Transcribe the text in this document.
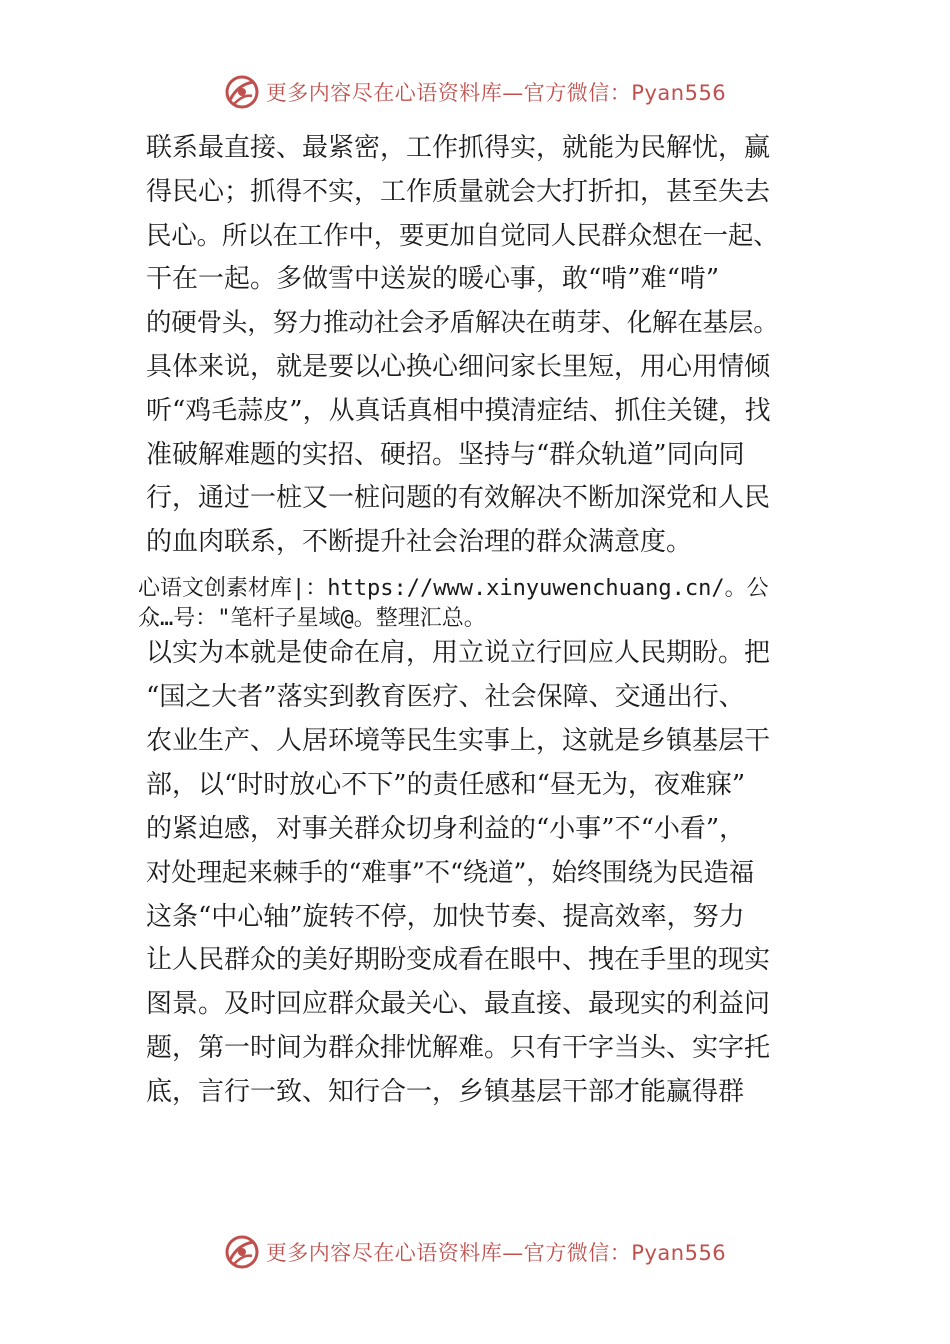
更多内容尽在心语资料库—官方微信：Pyan556
联系最直接、最紧密，工作抓得实，就能为民解忧，赢
得民心；抓得不实，工作质量就会大打折扣，甚至失去
民心。所以在工作中，要更加自觉同人民群众想在一起、
干在一起。多做雪中送炭的暖心事，敢“啃”难“啃”
的硬骨头，努力推动社会矛盾解决在萌芽、化解在基层。
具体来说，就是要以心换心细问家长里短，用心用情倾
听“鸡毛蒜皮”，从真话真相中摸清症结、抓住关键，找
准破解难题的实招、硬招。坚持与“群众轨道”同向同
行，通过一桩又一桩问题的有效解决不断加深党和人民
的血肉联系，不断提升社会治理的群众满意度。
心语文创素材库|：https://www.xinyuwenchuang.cn/。公
众…号："笔杆子星域@。整理汇总。
以实为本就是使命在肩，用立说立行回应人民期盼。把
“国之大者”落实到教育医疗、社会保障、交通出行、
农业生产、人居环境等民生实事上，这就是乡镇基层干
部，以“时时放心不下”的责任感和“昼无为，夜难寐”
的紧迫感，对事关群众切身利益的“小事”不“小看”，
对处理起来棘手的“难事”不“绕道”，始终围绕为民造福
这条“中心轴”旋转不停，加快节奏、提高效率，努力
让人民群众的美好期盼变成看在眼中、拽在手里的现实
图景。及时回应群众最关心、最直接、最现实的利益问
题，第一时间为群众排忧解难。只有干字当头、实字托
底，言行一致、知行合一，乡镇基层干部才能赢得群
更多内容尽在心语资料库—官方微信：Pyan556
